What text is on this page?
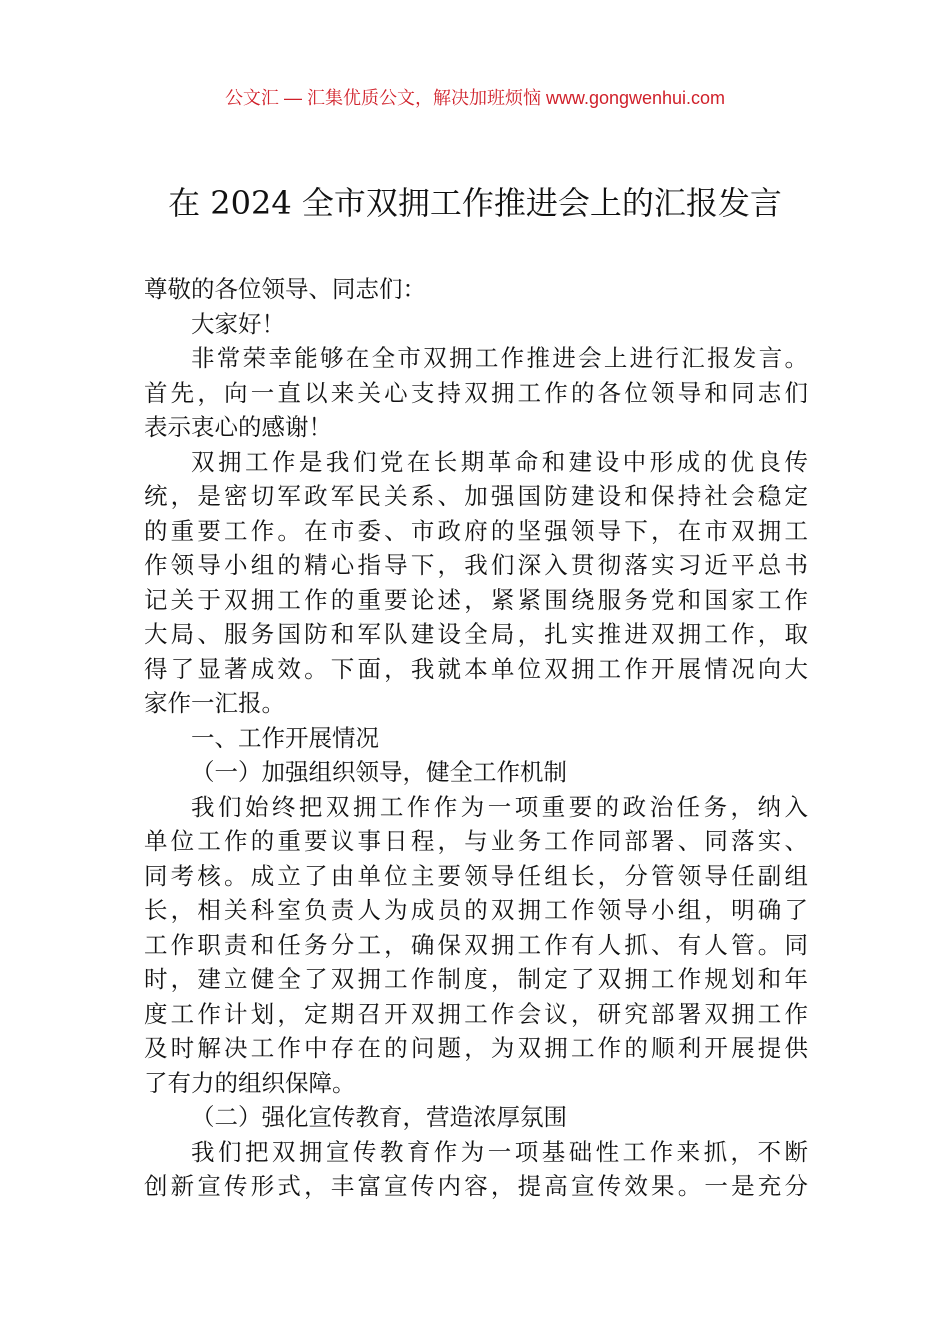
公文汇 — 汇集优质公文，解决加班烦恼 www.gongwenhui.com
在 2024 全市双拥工作推进会上的汇报发言

尊敬的各位领导、同志们：

大家好！

非常荣幸能够在全市双拥工作推进会上进行汇报发言。
首先，向一直以来关心支持双拥工作的各位领导和同志们
表示衷心的感谢！

双拥工作是我们党在长期革命和建设中形成的优良传
统，是密切军政军民关系、加强国防建设和保持社会稳定
的重要工作。在市委、市政府的坚强领导下，在市双拥工
作领导小组的精心指导下，我们深入贯彻落实习近平总书
记关于双拥工作的重要论述，紧紧围绕服务党和国家工作
大局、服务国防和军队建设全局，扎实推进双拥工作，取
得了显著成效。下面，我就本单位双拥工作开展情况向大
家作一汇报。

一、工作开展情况

（一）加强组织领导，健全工作机制

我们始终把双拥工作作为一项重要的政治任务，纳入
单位工作的重要议事日程，与业务工作同部署、同落实、
同考核。成立了由单位主要领导任组长，分管领导任副组
长，相关科室负责人为成员的双拥工作领导小组，明确了
工作职责和任务分工，确保双拥工作有人抓、有人管。同
时，建立健全了双拥工作制度，制定了双拥工作规划和年
度工作计划，定期召开双拥工作会议，研究部署双拥工作
及时解决工作中存在的问题，为双拥工作的顺利开展提供
了有力的组织保障。

（二）强化宣传教育，营造浓厚氛围

我们把双拥宣传教育作为一项基础性工作来抓，不断
创新宣传形式，丰富宣传内容，提高宣传效果。一是充分
